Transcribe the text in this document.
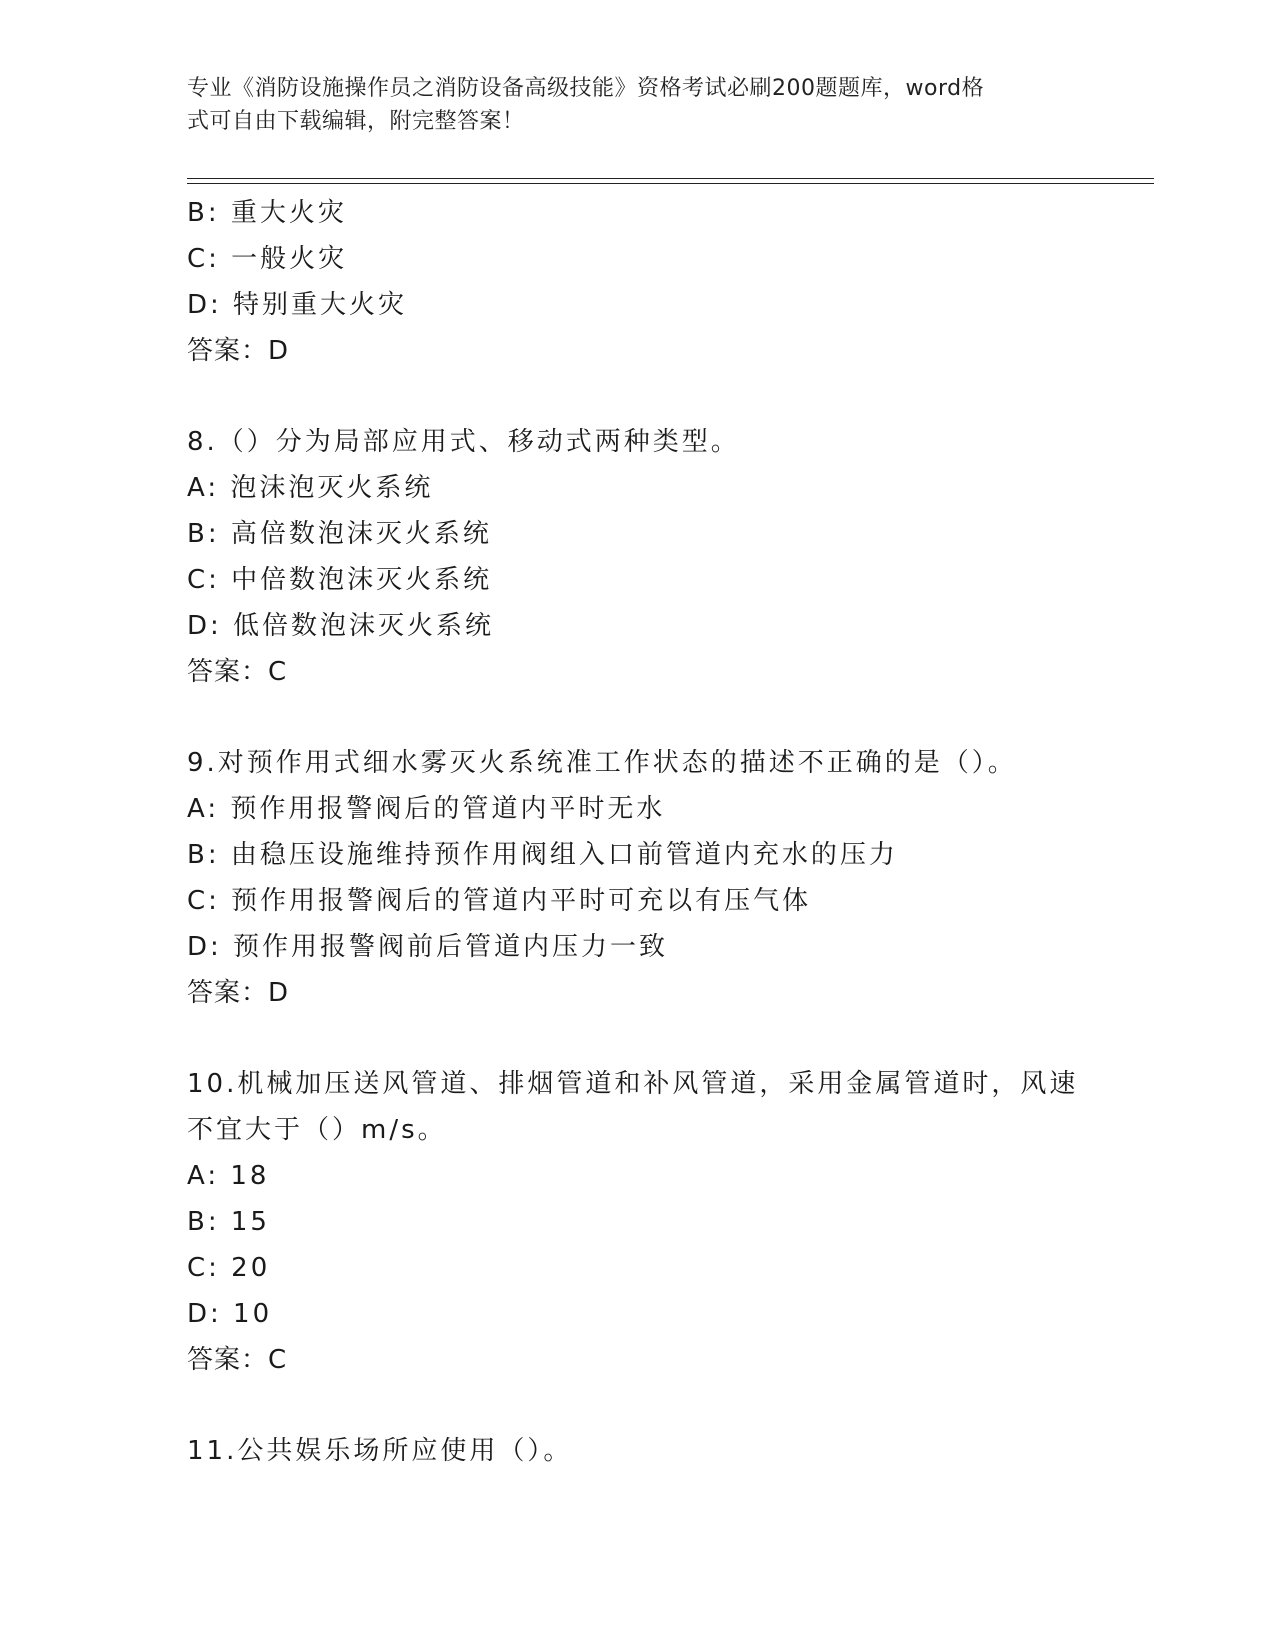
专业《消防设施操作员之消防设备高级技能》资格考试必刷200题题库，word格
式可自由下载编辑，附完整答案！
B: 重大火灾
C: 一般火灾
D: 特别重大火灾
答案：D
8.（）分为局部应用式、移动式两种类型。
A: 泡沫泡灭火系统
B: 高倍数泡沫灭火系统
C: 中倍数泡沫灭火系统
D: 低倍数泡沫灭火系统
答案：C
9.对预作用式细水雾灭火系统准工作状态的描述不正确的是（）。
A: 预作用报警阀后的管道内平时无水
B: 由稳压设施维持预作用阀组入口前管道内充水的压力
C: 预作用报警阀后的管道内平时可充以有压气体
D: 预作用报警阀前后管道内压力一致
答案：D
10.机械加压送风管道、排烟管道和补风管道，采用金属管道时，风速
不宜大于（）m/s。
A: 18
B: 15
C: 20
D: 10
答案：C
11.公共娱乐场所应使用（）。
